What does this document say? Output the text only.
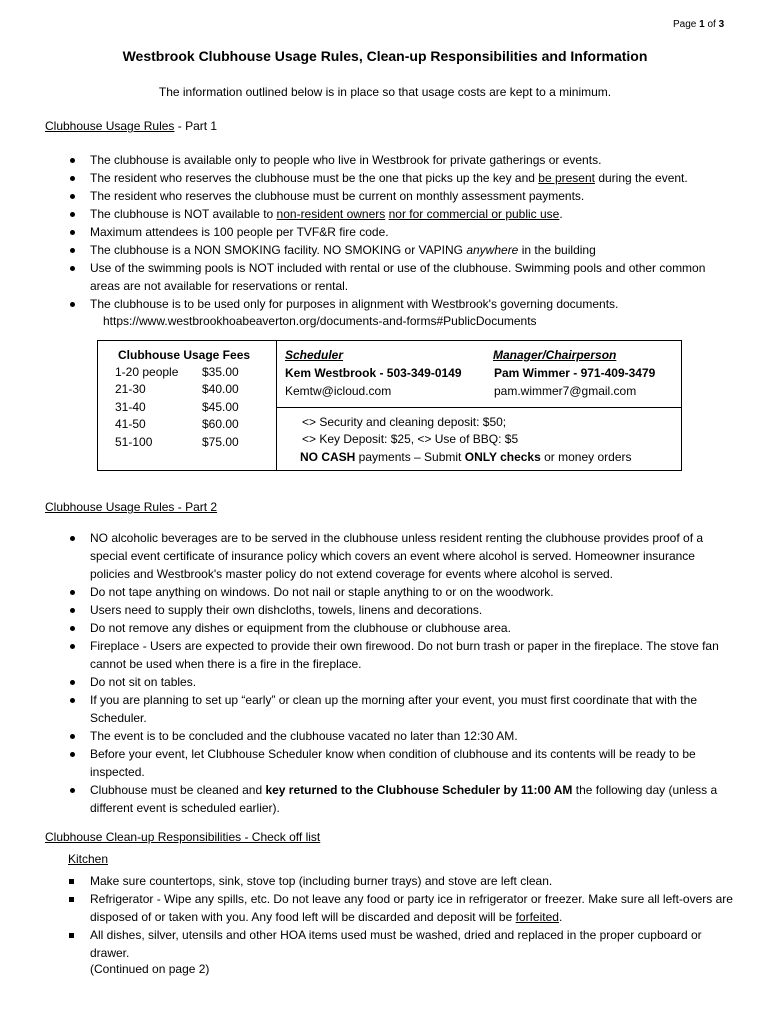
Page 1 of 3
Westbrook Clubhouse Usage Rules, Clean-up Responsibilities and Information
The information outlined below is in place so that usage costs are kept to a minimum.
Clubhouse Usage Rules - Part 1
The clubhouse is available only to people who live in Westbrook for private gatherings or events.
The resident who reserves the clubhouse must be the one that picks up the key and be present during the event.
The resident who reserves the clubhouse must be current on monthly assessment payments.
The clubhouse is NOT available to non-resident owners nor for commercial or public use.
Maximum attendees is 100 people per TVF&R fire code.
The clubhouse is a NON SMOKING facility. NO SMOKING or VAPING anywhere in the building
Use of the swimming pools is NOT included with rental or use of the clubhouse. Swimming pools and other common areas are not available for reservations or rental.
The clubhouse is to be used only for purposes in alignment with Westbrook's governing documents.
https://www.westbrookhoabeaverton.org/documents-and-forms#PublicDocuments
Clubhouse Usage Fees
1-20 people $35.00
21-30	$40.00
31-40	$45.00
41-50	$60.00
51-100	$75.00
Scheduler	Manager/Chairperson
Kem Westbrook - 503-349-0149	Pam Wimmer - 971-409-3479
Kemtw@icloud.com	pam.wimmer7@gmail.com
<> Security and cleaning deposit: $50;
<> Key Deposit: $25, <> Use of BBQ: $5
NO CASH payments – Submit ONLY checks or money orders
Clubhouse Usage Rules - Part 2
NO alcoholic beverages are to be served in the clubhouse unless resident renting the clubhouse provides proof of a special event certificate of insurance policy which covers an event where alcohol is served. Homeowner insurance policies and Westbrook's master policy do not extend coverage for events where alcohol is served.
Do not tape anything on windows. Do not nail or staple anything to or on the woodwork.
Users need to supply their own dishcloths, towels, linens and decorations.
Do not remove any dishes or equipment from the clubhouse or clubhouse area.
Fireplace - Users are expected to provide their own firewood. Do not burn trash or paper in the fireplace. The stove fan cannot be used when there is a fire in the fireplace.
Do not sit on tables.
If you are planning to set up “early” or clean up the morning after your event, you must first coordinate that with the Scheduler.
The event is to be concluded and the clubhouse vacated no later than 12:30 AM.
Before your event, let Clubhouse Scheduler know when condition of clubhouse and its contents will be ready to be inspected.
Clubhouse must be cleaned and key returned to the Clubhouse Scheduler by 11:00 AM the following day (unless a different event is scheduled earlier).
Clubhouse Clean-up Responsibilities - Check off list
Kitchen
Make sure countertops, sink, stove top (including burner trays) and stove are left clean.
Refrigerator - Wipe any spills, etc. Do not leave any food or party ice in refrigerator or freezer. Make sure all left-overs are disposed of or taken with you. Any food left will be discarded and deposit will be forfeited.
All dishes, silver, utensils and other HOA items used must be washed, dried and replaced in the proper cupboard or drawer.
(Continued on page 2)
